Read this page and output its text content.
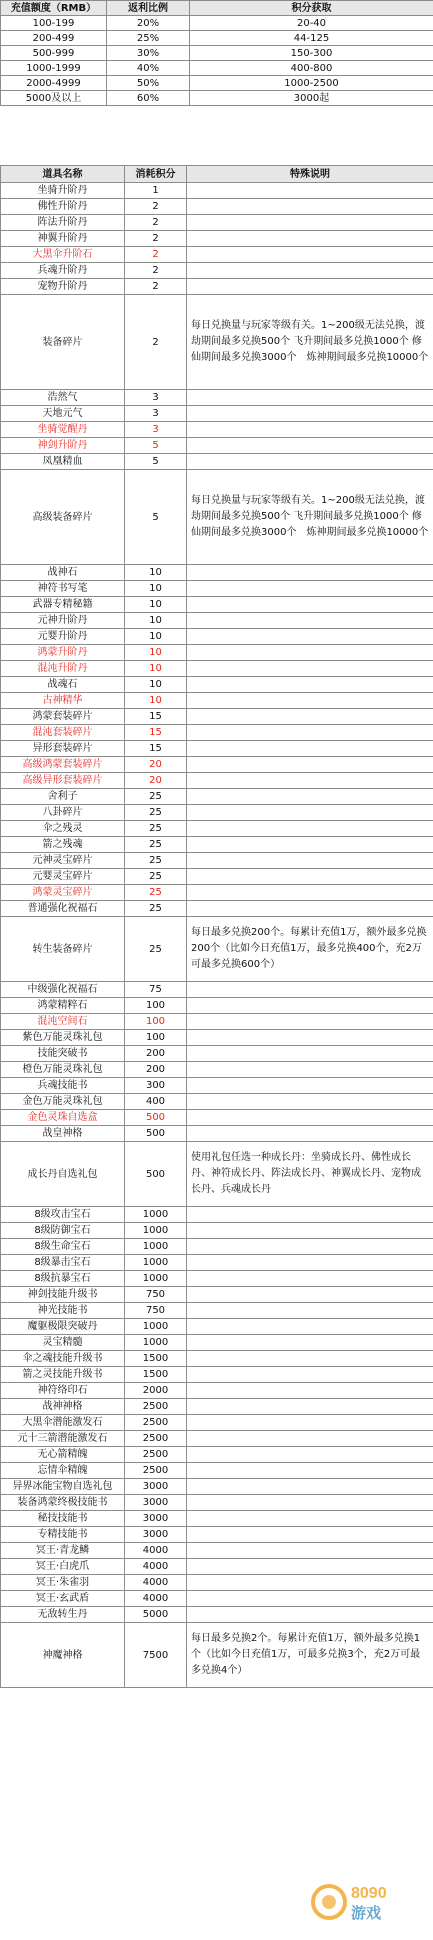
充值额度（RMB）	返利比例	积分获取
100-199	20%	20-40
200-499	25%	44-125
500-999	30%	150-300
1000-1999	40%	400-800
2000-4999	50%	1000-2500
5000及以上	60%	3000起
道具名称	消耗积分	特殊说明
坐骑升阶丹	1	
佛性升阶丹	2	
阵法升阶丹	2	
神翼升阶丹	2	
大黑伞升阶石	2	
兵魂升阶丹	2	
宠物升阶丹	2	
装备碎片	2	每日兑换量与玩家等级有关。1~200级无法兑换，渡劫期间最多兑换500个 飞升期间最多兑换1000个 修仙期间最多兑换3000个　炼神期间最多兑换10000个
浩然气	3	
天地元气	3	
坐骑觉醒丹	3	
神剑升阶丹	5	
凤凰精血	5	
高级装备碎片	5	每日兑换量与玩家等级有关。1~200级无法兑换，渡劫期间最多兑换500个 飞升期间最多兑换1000个 修仙期间最多兑换3000个　炼神期间最多兑换10000个
战神石	10	
神符书写笔	10	
武器专精秘籍	10	
元神升阶丹	10	
元婴升阶丹	10	
鸿蒙升阶丹	10	
混沌升阶丹	10	
战魂石	10	
古神精华	10	
鸿蒙套装碎片	15	
混沌套装碎片	15	
异形套装碎片	15	
高级鸿蒙套装碎片	20	
高级异形套装碎片	20	
舍利子	25	
八卦碎片	25	
伞之残灵	25	
箭之残魂	25	
元神灵宝碎片	25	
元婴灵宝碎片	25	
鸿蒙灵宝碎片	25	
普通强化祝福石	25	
转生装备碎片	25	每日最多兑换200个。每累计充值1万，额外最多兑换200个（比如今日充值1万，最多兑换400个，充2万可最多兑换600个）
中级强化祝福石	75	
鸿蒙精粹石	100	
混沌空间石	100	
紫色万能灵珠礼包	100	
技能突破书	200	
橙色万能灵珠礼包	200	
兵魂技能书	300	
金色万能灵珠礼包	400	
金色灵珠自选盒	500	
战皇神格	500	
成长丹自选礼包	500	使用礼包任选一种成长丹：坐骑成长丹、佛性成长丹、神符成长丹、阵法成长丹、神翼成长丹、宠物成长丹、兵魂成长丹
8级攻击宝石	1000	
8级防御宝石	1000	
8级生命宝石	1000	
8级暴击宝石	1000	
8级抗暴宝石	1000	
神剑技能升级书	750	
神光技能书	750	
魔躯极限突破丹	1000	
灵宝精髓	1000	
伞之魂技能升级书	1500	
箭之灵技能升级书	1500	
神符络印石	2000	
战神神格	2500	
大黑伞潜能激发石	2500	
元十三箭潜能激发石	2500	
无心箭精魄	2500	
忘情伞精魄	2500	
异界冰能宝物自选礼包	3000	
装备鸿蒙终极技能书	3000	
秘技技能书	3000	
专精技能书	3000	
冥王·青龙鳞	4000	
冥王·白虎爪	4000	
冥王·朱雀羽	4000	
冥王·玄武盾	4000	
无敌转生丹	5000	
神魔神格	7500	每日最多兑换2个。每累计充值1万，额外最多兑换1个（比如今日充值1万，可最多兑换3个，充2万可最多兑换4个）
8090
游戏
